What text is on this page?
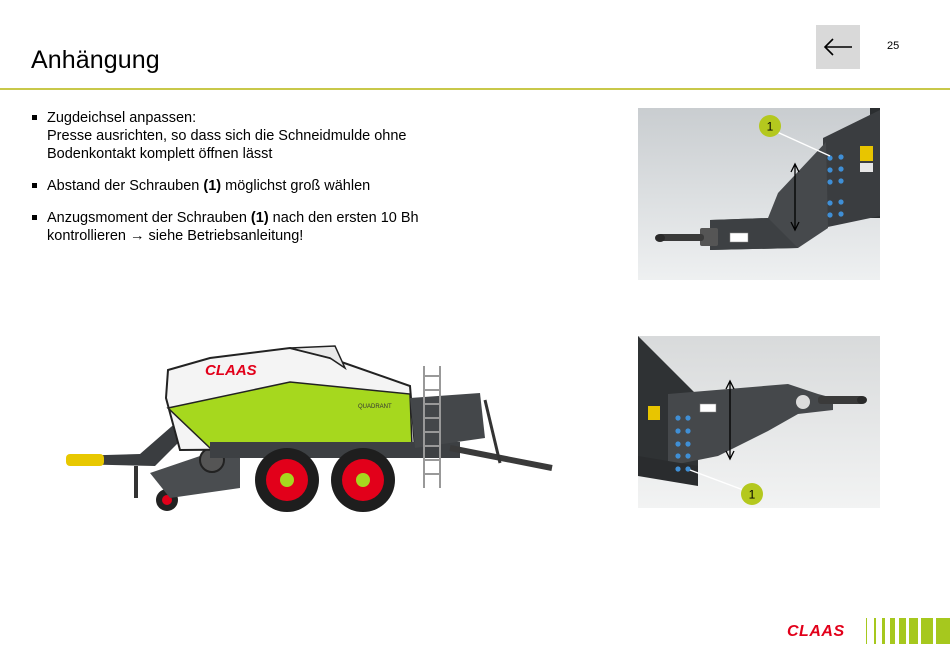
Anhängung	25
Zugdeichsel anpassen:
Presse ausrichten, so dass sich die Schneidmulde ohne
Bodenkontakt komplett öffnen lässt
Abstand der Schrauben (1) möglichst groß wählen
Anzugsmoment der Schrauben (1) nach den ersten 10 Bh
kontrollieren → siehe Betriebsanleitung!
1
1
CLAAS
QUADRANT
CLAAS
